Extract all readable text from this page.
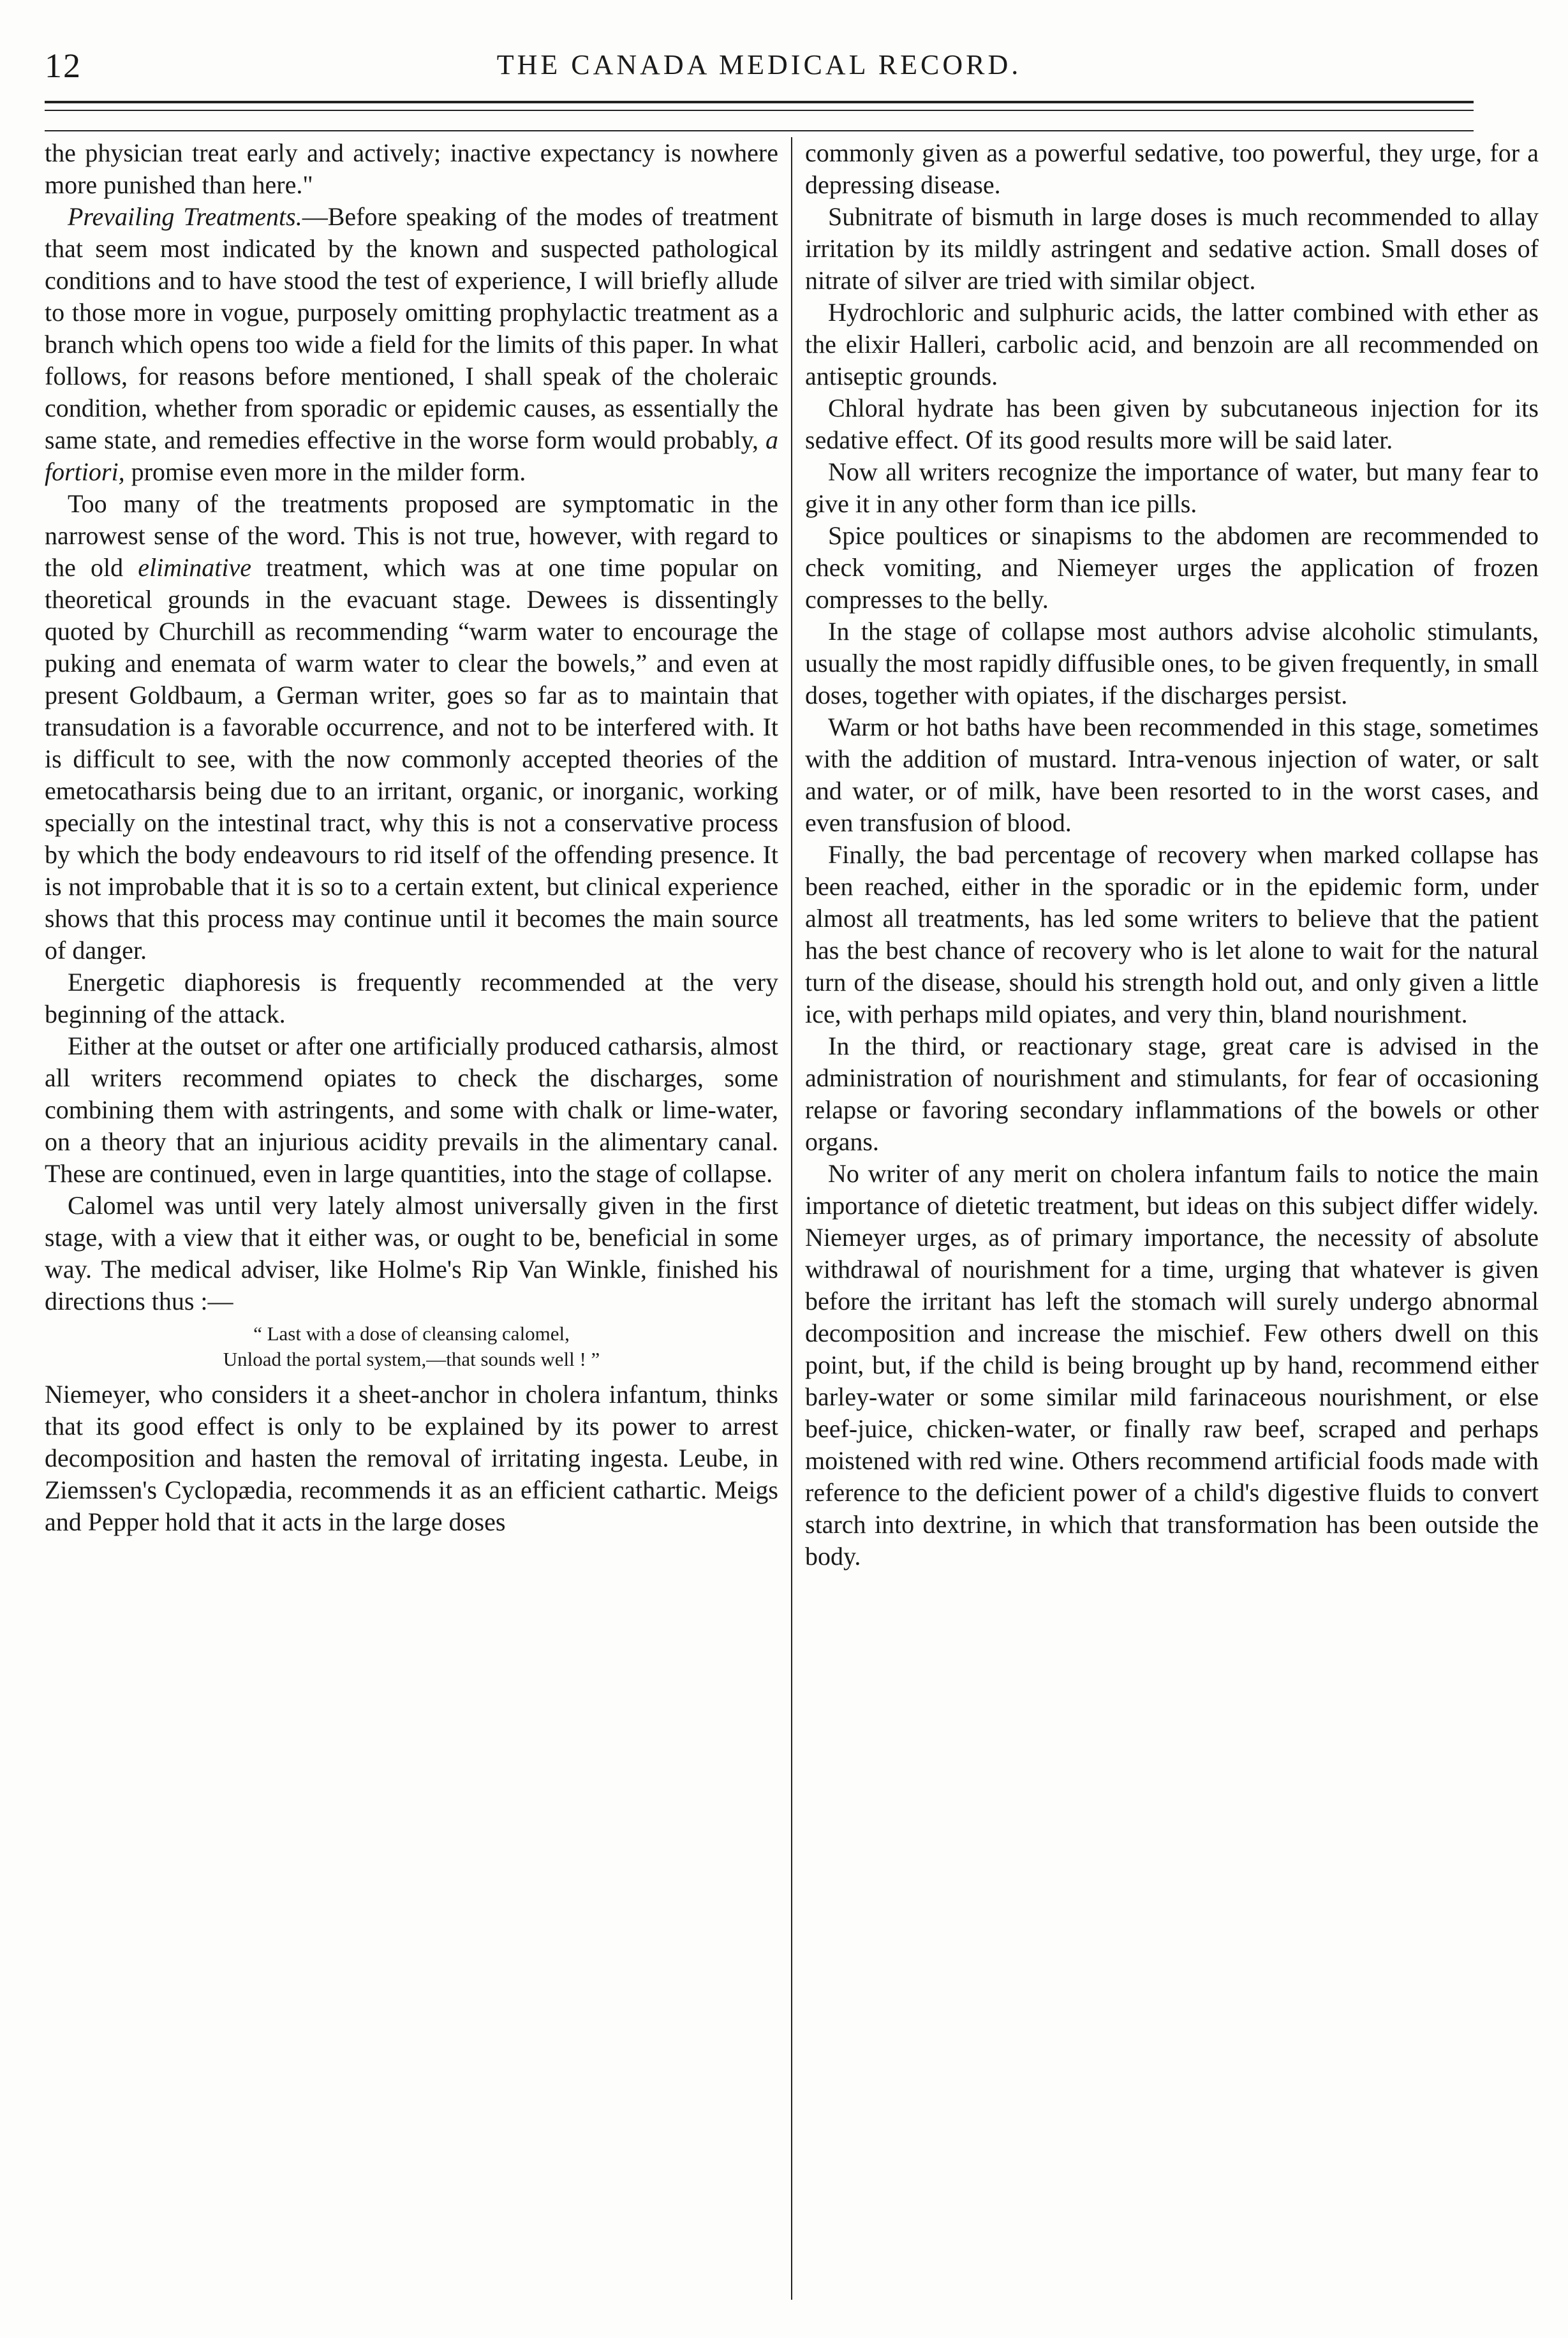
12	THE CANADA MEDICAL RECORD.

the physician treat early and actively; inactive expectancy is nowhere more punished than here."

Prevailing Treatments.—Before speaking of the modes of treatment that seem most indicated by the known and suspected pathological conditions and to have stood the test of experience, I will briefly allude to those more in vogue, purposely omitting prophylactic treatment as a branch which opens too wide a field for the limits of this paper. In what follows, for reasons before mentioned, I shall speak of the choleraic condition, whether from sporadic or epidemic causes, as essentially the same state, and remedies effective in the worse form would probably, a fortiori, promise even more in the milder form.

Too many of the treatments proposed are symptomatic in the narrowest sense of the word. This is not true, however, with regard to the old eliminative treatment, which was at one time popular on theoretical grounds in the evacuant stage. Dewees is dissentingly quoted by Churchill as recommending “warm water to encourage the puking and enemata of warm water to clear the bowels,” and even at present Goldbaum, a German writer, goes so far as to maintain that transudation is a favorable occurrence, and not to be interfered with. It is difficult to see, with the now commonly accepted theories of the emetocatharsis being due to an irritant, organic, or inorganic, working specially on the intestinal tract, why this is not a conservative process by which the body endeavours to rid itself of the offending presence. It is not improbable that it is so to a certain extent, but clinical experience shows that this process may continue until it becomes the main source of danger.

Energetic diaphoresis is frequently recommended at the very beginning of the attack.

Either at the outset or after one artificially produced catharsis, almost all writers recommend opiates to check the discharges, some combining them with astringents, and some with chalk or lime-water, on a theory that an injurious acidity prevails in the alimentary canal. These are continued, even in large quantities, into the stage of collapse.

Calomel was until very lately almost universally given in the first stage, with a view that it either was, or ought to be, beneficial in some way. The medical adviser, like Holme's Rip Van Winkle, finished his directions thus :—

“ Last with a dose of cleansing calomel,
Unload the portal system,—that sounds well ! ”

Niemeyer, who considers it a sheet-anchor in cholera infantum, thinks that its good effect is only to be explained by its power to arrest decomposition and hasten the removal of irritating ingesta. Leube, in Ziemssen's Cyclopædia, recommends it as an efficient cathartic. Meigs and Pepper hold that it acts in the large doses

commonly given as a powerful sedative, too powerful, they urge, for a depressing disease.

Subnitrate of bismuth in large doses is much recommended to allay irritation by its mildly astringent and sedative action. Small doses of nitrate of silver are tried with similar object.

Hydrochloric and sulphuric acids, the latter combined with ether as the elixir Halleri, carbolic acid, and benzoin are all recommended on antiseptic grounds.

Chloral hydrate has been given by subcutaneous injection for its sedative effect. Of its good results more will be said later.

Now all writers recognize the importance of water, but many fear to give it in any other form than ice pills.

Spice poultices or sinapisms to the abdomen are recommended to check vomiting, and Niemeyer urges the application of frozen compresses to the belly.

In the stage of collapse most authors advise alcoholic stimulants, usually the most rapidly diffusible ones, to be given frequently, in small doses, together with opiates, if the discharges persist.

Warm or hot baths have been recommended in this stage, sometimes with the addition of mustard. Intra-venous injection of water, or salt and water, or of milk, have been resorted to in the worst cases, and even transfusion of blood.

Finally, the bad percentage of recovery when marked collapse has been reached, either in the sporadic or in the epidemic form, under almost all treatments, has led some writers to believe that the patient has the best chance of recovery who is let alone to wait for the natural turn of the disease, should his strength hold out, and only given a little ice, with perhaps mild opiates, and very thin, bland nourishment.

In the third, or reactionary stage, great care is advised in the administration of nourishment and stimulants, for fear of occasioning relapse or favoring secondary inflammations of the bowels or other organs.

No writer of any merit on cholera infantum fails to notice the main importance of dietetic treatment, but ideas on this subject differ widely. Niemeyer urges, as of primary importance, the necessity of absolute withdrawal of nourishment for a time, urging that whatever is given before the irritant has left the stomach will surely undergo abnormal decomposition and increase the mischief. Few others dwell on this point, but, if the child is being brought up by hand, recommend either barley-water or some similar mild farinaceous nourishment, or else beef-juice, chicken-water, or finally raw beef, scraped and perhaps moistened with red wine. Others recommend artificial foods made with reference to the deficient power of a child's digestive fluids to convert starch into dextrine, in which that transformation has been outside the body.
